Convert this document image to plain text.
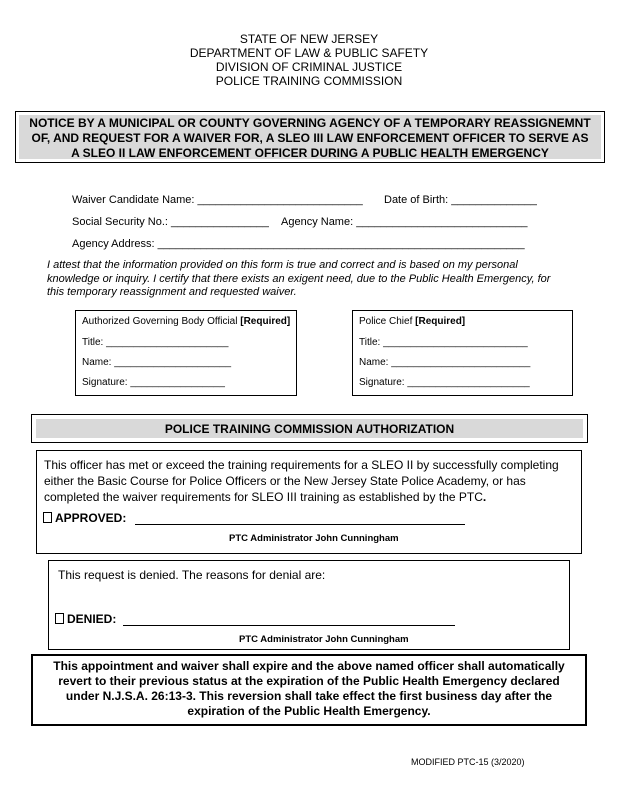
STATE OF NEW JERSEY
DEPARTMENT OF LAW & PUBLIC SAFETY
DIVISION OF CRIMINAL JUSTICE
POLICE TRAINING COMMISSION
NOTICE BY A MUNICIPAL OR COUNTY GOVERNING AGENCY OF A TEMPORARY REASSIGNEMNT
OF, AND REQUEST FOR A WAIVER FOR, A SLEO III LAW ENFORCEMENT OFFICER TO SERVE AS
A SLEO II LAW ENFORCEMENT OFFICER DURING A PUBLIC HEALTH EMERGENCY
Waiver Candidate Name: ___________________________ Date of Birth: ______________
Social Security No.: ________________ Agency Name: ____________________________
Agency Address: ____________________________________________________________
I attest that the information provided on this form is true and correct and is based on my personal
knowledge or inquiry. I certify that there exists an exigent need, due to the Public Health Emergency, for
this temporary reassignment and requested waiver.
Authorized Governing Body Official [Required]
Title: ______________________
Name: _____________________
Signature: _________________
Police Chief [Required]
Title: __________________________
Name: _________________________
Signature: ______________________
POLICE TRAINING COMMISSION AUTHORIZATION
This officer has met or exceed the training requirements for a SLEO II by successfully completing
either the Basic Course for Police Officers or the New Jersey State Police Academy, or has
completed the waiver requirements for SLEO III training as established by the PTC.
APPROVED:
PTC Administrator John Cunningham
This request is denied. The reasons for denial are:
DENIED:
PTC Administrator John Cunningham
This appointment and waiver shall expire and the above named officer shall automatically
revert to their previous status at the expiration of the Public Health Emergency declared
under N.J.S.A. 26:13-3. This reversion shall take effect the first business day after the
expiration of the Public Health Emergency.
MODIFIED PTC-15 (3/2020)
